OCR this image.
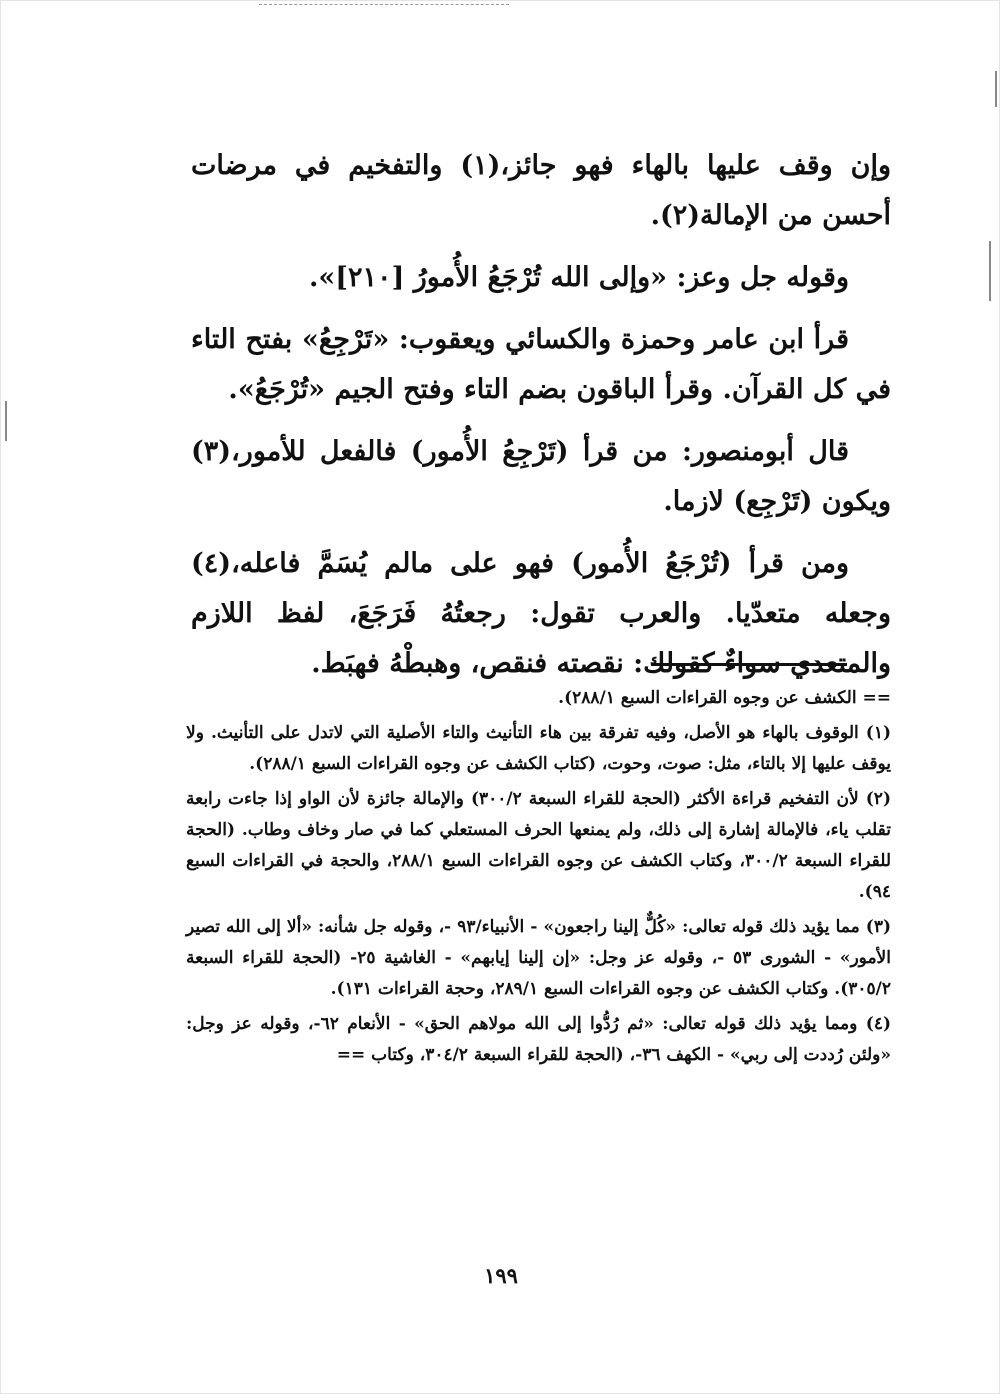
وإن وقف عليها بالهاء فهو جائز،(١) والتفخيم في مرضات أحسن من الإمالة(٢).

وقوله جل وعز: «وإلى الله تُرْجَعُ الأُمورُ [٢١٠]».

قرأ ابن عامر وحمزة والكسائي ويعقوب: «تَرْجِعُ» بفتح التاء في كل القرآن. وقرأ الباقون بضم التاء وفتح الجيم «تُرْجَعُ».

قال أبومنصور: من قرأ (تَرْجِعُ الأُمور) فالفعل للأمور،(٣) ويكون (تَرْجِع) لازما.

ومن قرأ (تُرْجَعُ الأُمور) فهو على مالم يُسَمَّ فاعله،(٤) وجعله متعدّيا. والعرب تقول: رجعتُهُ فَرَجَعَ، لفظ اللازم والمتعدي سواءٌ كقولك: نقصته فنقص، وهبطْهُ فهبَط.

== الكشف عن وجوه القراءات السبع ٢٨٨/١).

(١) الوقوف بالهاء هو الأصل، وفيه تفرقة بين هاء التأنيث والتاء الأصلية التي لاتدل على التأنيث. ولا يوقف عليها إلا بالتاء، مثل: صوت، وحوت، (كتاب الكشف عن وجوه القراءات السبع ٢٨٨/١).

(٢) لأن التفخيم قراءة الأكثر (الحجة للقراء السبعة ٣٠٠/٢) والإمالة جائزة لأن الواو إذا جاءت رابعة تقلب ياء، فالإمالة إشارة إلى ذلك، ولم يمنعها الحرف المستعلي كما في صار وخاف وطاب. (الحجة للقراء السبعة ٣٠٠/٢، وكتاب الكشف عن وجوه القراءات السبع ٢٨٨/١، والحجة في القراءات السبع ٩٤).

(٣) مما يؤيد ذلك قوله تعالى: «كُلٌّ إلينا راجعون» - الأنبياء/٩٣ -، وقوله جل شأنه: «ألا إلى الله تصير الأمور» - الشورى ٥٣ -، وقوله عز وجل: «إن إلينا إيابهم» - الغاشية ٢٥- (الحجة للقراء السبعة ٣٠٥/٢). وكتاب الكشف عن وجوه القراءات السبع ٢٨٩/١، وحجة القراءات ١٣١).

(٤) ومما يؤيد ذلك قوله تعالى: «ثم رُدُّوا إلى الله مولاهم الحق» - الأنعام ٦٢-، وقوله عز وجل: «ولئن رُددت إلى ربي» - الكهف ٣٦-، (الحجة للقراء السبعة ٣٠٤/٢، وكتاب ==

١٩٩
